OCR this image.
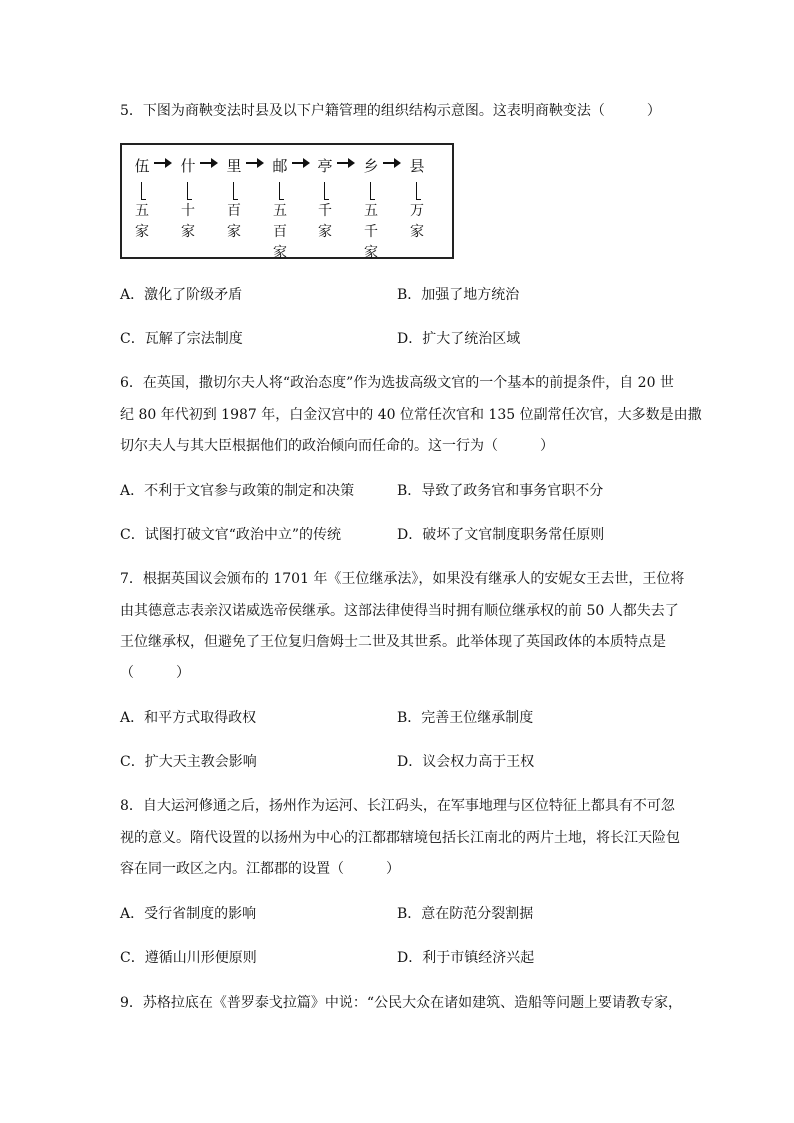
5．下图为商鞅变法时县及以下户籍管理的组织结构示意图。这表明商鞅变法（　　　）
伍 什 里 邮 亭 乡 县
五
家
十
家
百
家
五
百
家
千
家
五
千
家
万
家
A．激化了阶级矛盾	B．加强了地方统治
C．瓦解了宗法制度	D．扩大了统治区域
6．在英国，撒切尔夫人将“政治态度”作为选拔高级文官的一个基本的前提条件，自 20 世
纪 80 年代初到 1987 年，白金汉宫中的 40 位常任次官和 135 位副常任次官，大多数是由撒
切尔夫人与其大臣根据他们的政治倾向而任命的。这一行为（　　　）
A．不利于文官参与政策的制定和决策	B．导致了政务官和事务官职不分
C．试图打破文官“政治中立”的传统	D．破坏了文官制度职务常任原则
7．根据英国议会颁布的 1701 年《王位继承法》，如果没有继承人的安妮女王去世，王位将
由其德意志表亲汉诺威选帝侯继承。这部法律使得当时拥有顺位继承权的前 50 人都失去了
王位继承权，但避免了王位复归詹姆士二世及其世系。此举体现了英国政体的本质特点是
（　　　）
A．和平方式取得政权	B．完善王位继承制度
C．扩大天主教会影响	D．议会权力高于王权
8．自大运河修通之后，扬州作为运河、长江码头，在军事地理与区位特征上都具有不可忽
视的意义。隋代设置的以扬州为中心的江都郡辖境包括长江南北的两片土地，将长江天险包
容在同一政区之内。江都郡的设置（　　　）
A．受行省制度的影响	B．意在防范分裂割据
C．遵循山川形便原则	D．利于市镇经济兴起
9．苏格拉底在《普罗泰戈拉篇》中说：“公民大众在诸如建筑、造船等问题上要请教专家，
